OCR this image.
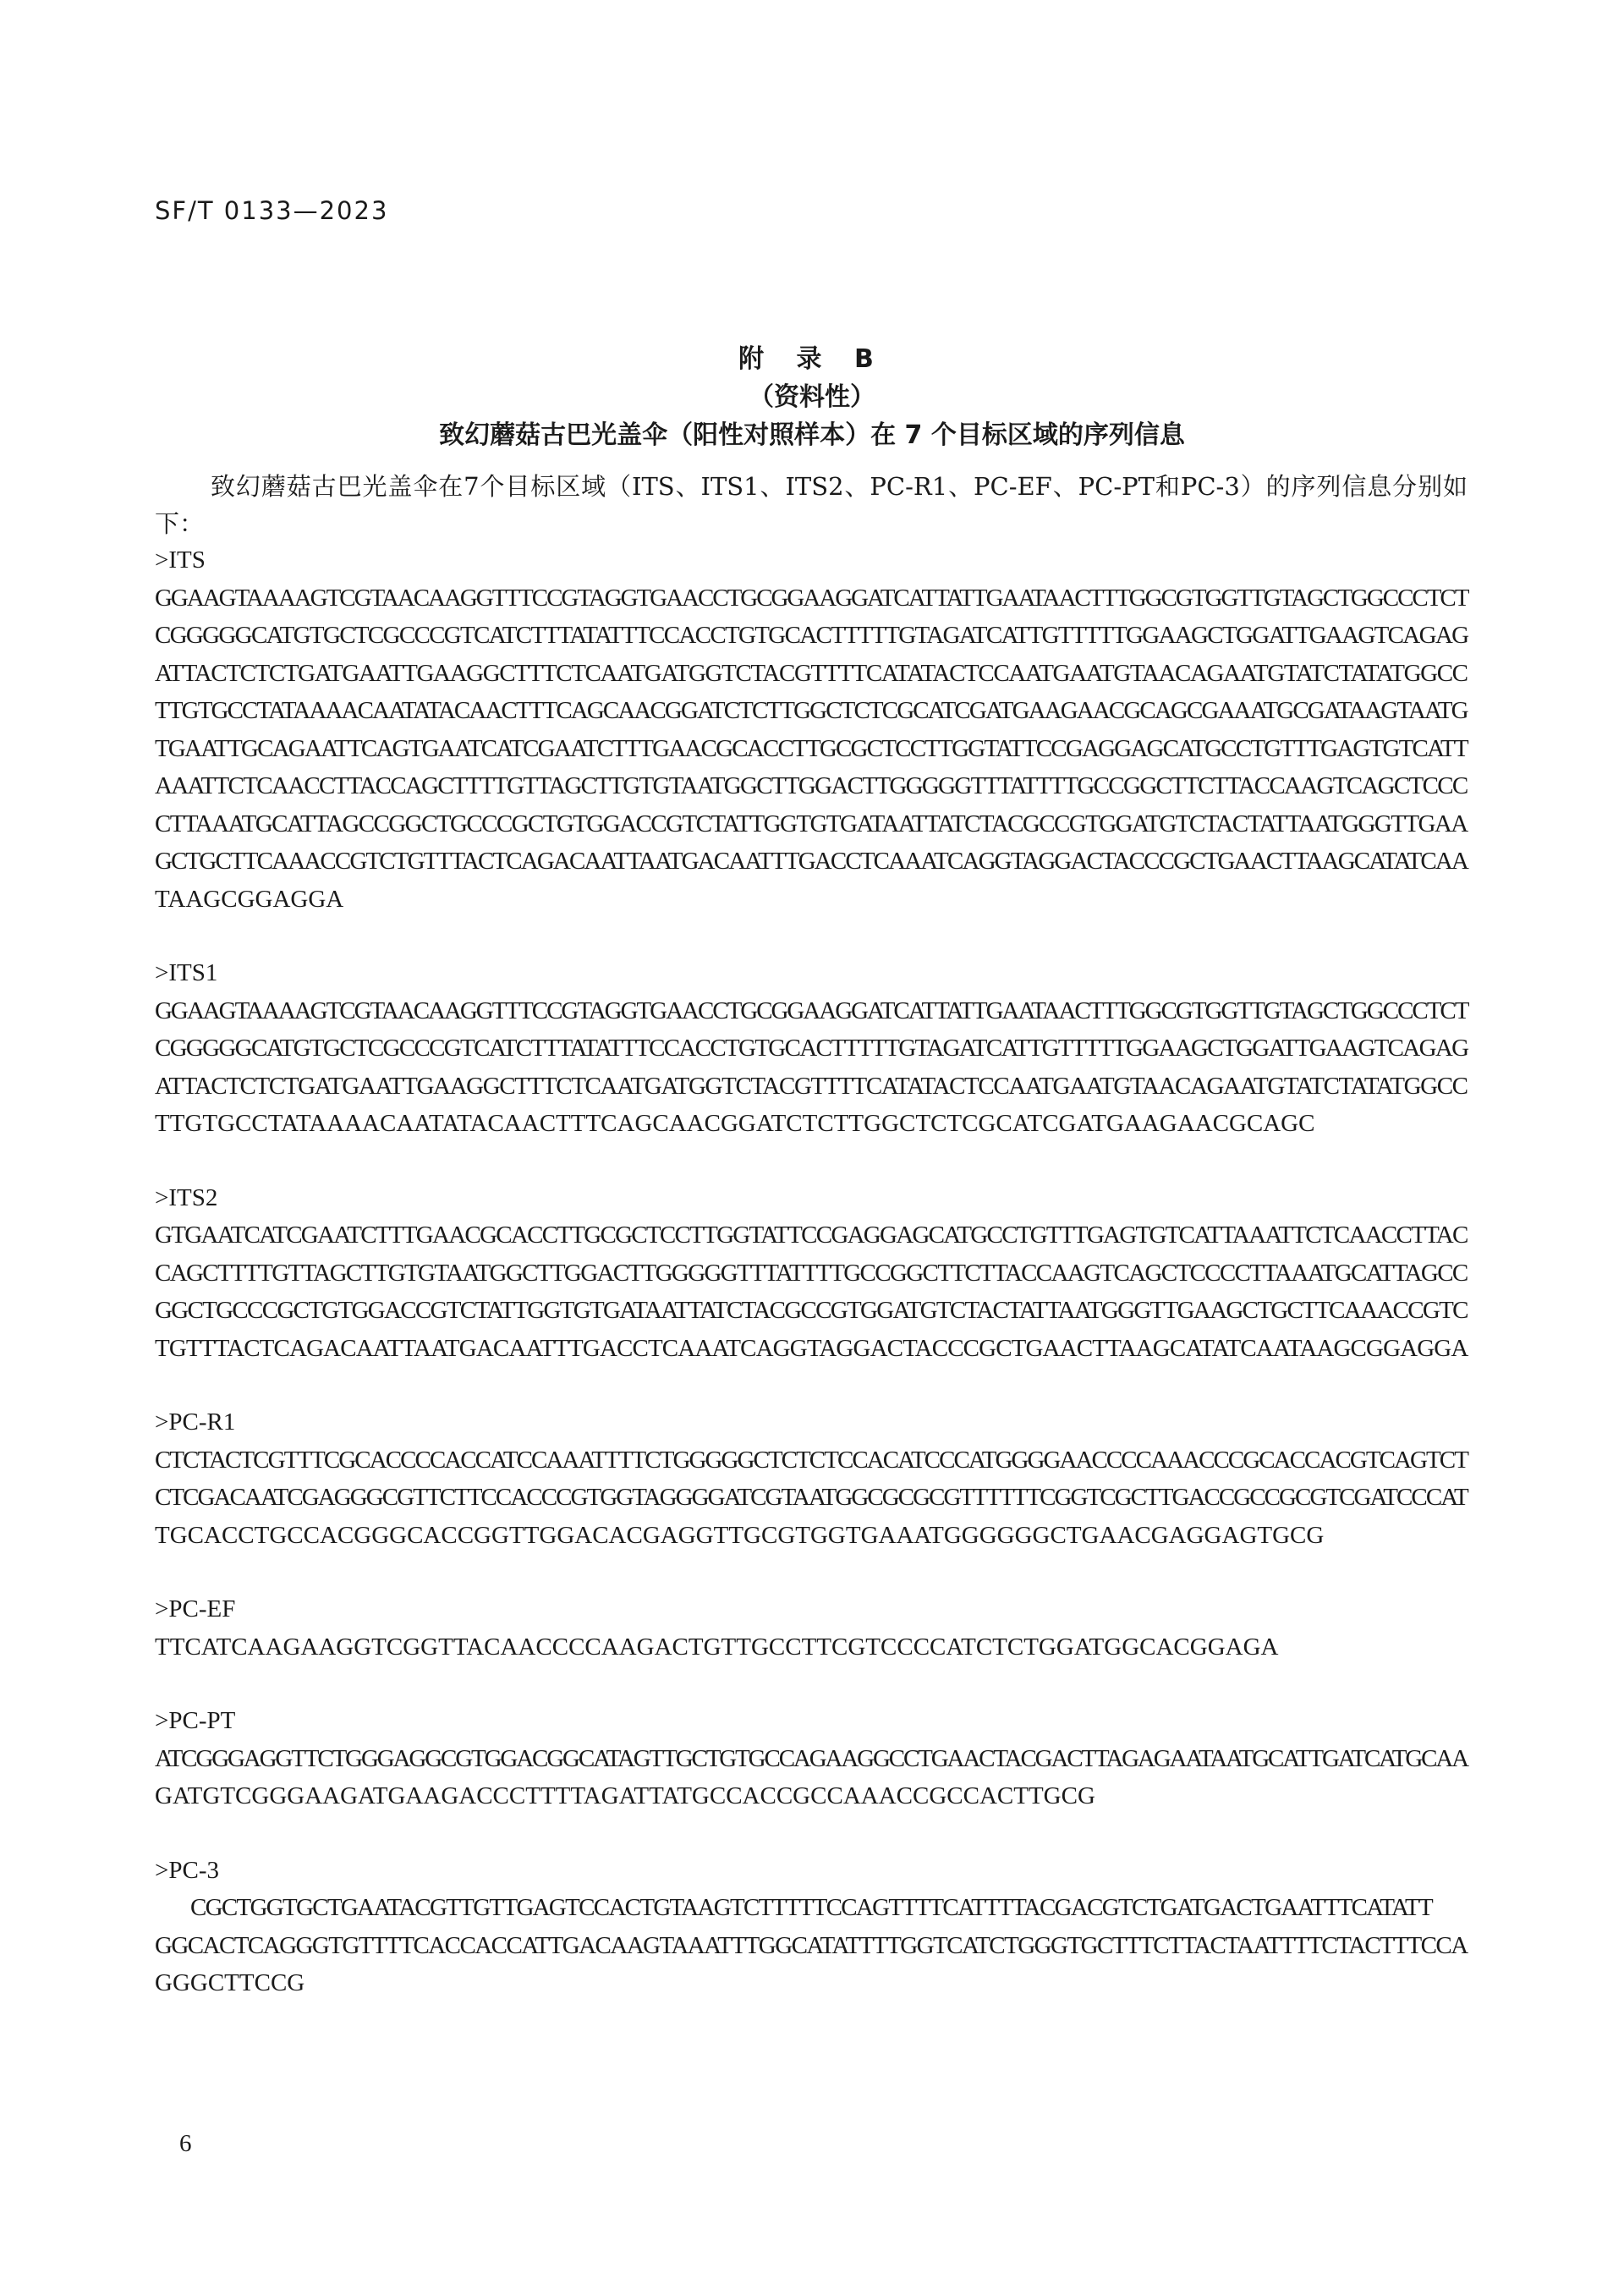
SF/T 0133—2023
附 录 B
（资料性）
致幻蘑菇古巴光盖伞（阳性对照样本）在 7 个目标区域的序列信息
致幻蘑菇古巴光盖伞在7个目标区域（ITS、ITS1、ITS2、PC-R1、PC-EF、PC-PT和PC-3）的序列信息分别如下：
>ITS
GGAAGTAAAAGTCGTAACAAGGTTTCCGTAGGTGAACCTGCGGAAGGATCATTATTGAATAACTTTGGCGTGGTTGTAGCTGGCCCTCT
CGGGGGCATGTGCTCGCCCGTCATCTTTATATTTCCACCTGTGCACTTTTTGTAGATCATTGTTTTTGGAAGCTGGATTGAAGTCAGAG
ATTACTCTCTGATGAATTGAAGGCTTTCTCAATGATGGTCTACGTTTTCATATACTCCAATGAATGTAACAGAATGTATCTATATGGCC
TTGTGCCTATAAAACAATATACAACTTTCAGCAACGGATCTCTTGGCTCTCGCATCGATGAAGAACGCAGCGAAATGCGATAAGTAATG
TGAATTGCAGAATTCAGTGAATCATCGAATCTTTGAACGCACCTTGCGCTCCTTGGTATTCCGAGGAGCATGCCTGTTTGAGTGTCATT
AAATTCTCAACCTTACCAGCTTTTGTTAGCTTGTGTAATGGCTTGGACTTGGGGGTTTATTTTGCCGGCTTCTTACCAAGTCAGCTCCC
CTTAAATGCATTAGCCGGCTGCCCGCTGTGGACCGTCTATTGGTGTGATAATTATCTACGCCGTGGATGTCTACTATTAATGGGTTGAA
GCTGCTTCAAACCGTCTGTTTACTCAGACAATTAATGACAATTTGACCTCAAATCAGGTAGGACTACCCGCTGAACTTAAGCATATCAA
TAAGCGGAGGA
>ITS1
GGAAGTAAAAGTCGTAACAAGGTTTCCGTAGGTGAACCTGCGGAAGGATCATTATTGAATAACTTTGGCGTGGTTGTAGCTGGCCCTCT
CGGGGGCATGTGCTCGCCCGTCATCTTTATATTTCCACCTGTGCACTTTTTGTAGATCATTGTTTTTGGAAGCTGGATTGAAGTCAGAG
ATTACTCTCTGATGAATTGAAGGCTTTCTCAATGATGGTCTACGTTTTCATATACTCCAATGAATGTAACAGAATGTATCTATATGGCC
TTGTGCCTATAAAACAATATACAACTTTCAGCAACGGATCTCTTGGCTCTCGCATCGATGAAGAACGCAGC
>ITS2
GTGAATCATCGAATCTTTGAACGCACCTTGCGCTCCTTGGTATTCCGAGGAGCATGCCTGTTTGAGTGTCATTAAATTCTCAACCTTAC
CAGCTTTTGTTAGCTTGTGTAATGGCTTGGACTTGGGGGTTTATTTTGCCGGCTTCTTACCAAGTCAGCTCCCCTTAAATGCATTAGCC
GGCTGCCCGCTGTGGACCGTCTATTGGTGTGATAATTATCTACGCCGTGGATGTCTACTATTAATGGGTTGAAGCTGCTTCAAACCGTC
TGTTTACTCAGACAATTAATGACAATTTGACCTCAAATCAGGTAGGACTACCCGCTGAACTTAAGCATATCAATAAGCGGAGGA
>PC-R1
CTCTACTCGTTTCGCACCCCACCATCCAAATTTTCTGGGGGCTCTCTCCACATCCCATGGGGAACCCCAAACCCGCACCACGTCAGTCT
CTCGACAATCGAGGGCGTTCTTCCACCCGTGGTAGGGGATCGTAATGGCGCGCGTTTTTTCGGTCGCTTGACCGCCGCGTCGATCCCAT
TGCACCTGCCACGGGCACCGGTTGGACACGAGGTTGCGTGGTGAAATGGGGGGCTGAACGAGGAGTGCG
>PC-EF
TTCATCAAGAAGGTCGGTTACAACCCCAAGACTGTTGCCTTCGTCCCCATCTCTGGATGGCACGGAGA
>PC-PT
ATCGGGAGGTTCTGGGAGGCGTGGACGGCATAGTTGCTGTGCCAGAAGGCCTGAACTACGACTTAGAGAATAATGCATTGATCATGCAA
GATGTCGGGAAGATGAAGACCCTTTTAGATTATGCCACCGCCAAACCGCCACTTGCG
>PC-3
CGCTGGTGCTGAATACGTTGTTGAGTCCACTGTAAGTCTTTTTCCAGTTTTCATTTTACGACGTCTGATGACTGAATTTCATATT
GGCACTCAGGGTGTTTTCACCACCATTGACAAGTAAATTTGGCATATTTTGGTCATCTGGGTGCTTTCTTACTAATTTTCTACTTTCCA
GGGCTTCCG
6
